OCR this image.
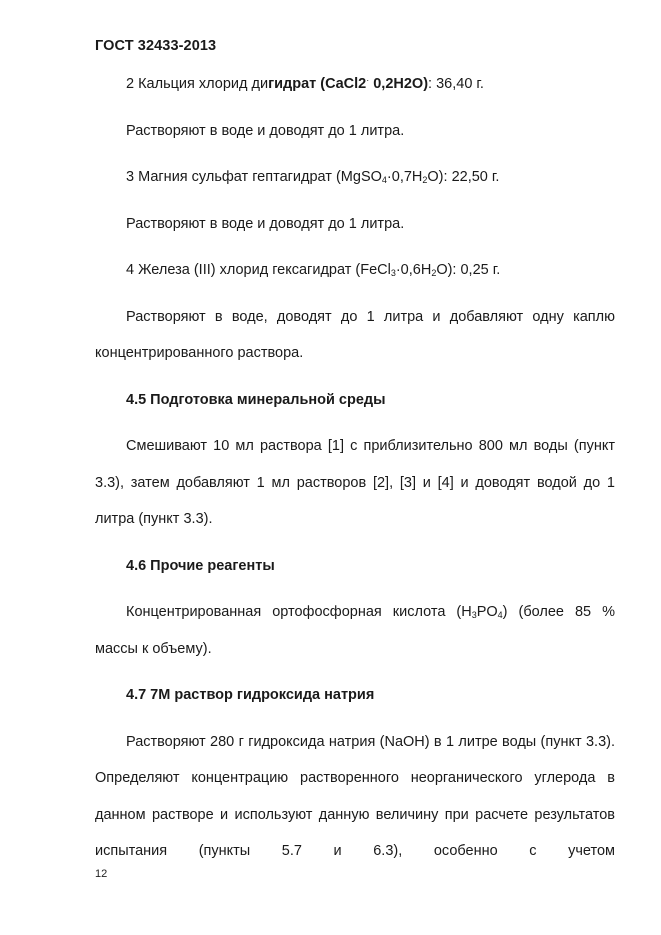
ГОСТ 32433-2013

2 Кальция хлорид дигидрат (CaCl2· 0,2H2O): 36,40 г.

Растворяют в воде и доводят до 1 литра.

3 Магния сульфат гептагидрат $(MgSO_4\cdot 0,7H_2O)$: 22,50 г.

Растворяют в воде и доводят до 1 литра.

4 Железа (III) хлорид гексагидрат $(FeCl_3\cdot 0,6H_2O)$: 0,25 г.

Растворяют в воде, доводят до 1 литра и добавляют одну каплю концентрированного раствора.

4.5 Подготовка минеральной среды

Смешивают 10 мл раствора [1] с приблизительно 800 мл воды (пункт 3.3), затем добавляют 1 мл растворов [2], [3] и [4] и доводят водой до 1 литра (пункт 3.3).

4.6 Прочие реагенты

Концентрированная ортофосфорная кислота $(H_3PO_4)$ (более 85 % массы к объему).

4.7 7М раствор гидроксида натрия

Растворяют 280 г гидроксида натрия (NaOH) в 1 литре воды (пункт 3.3). Определяют концентрацию растворенного неорганического углерода в данном растворе и используют данную величину при расчете результатов испытания (пункты 5.7 и 6.3), особенно с учетом

12
